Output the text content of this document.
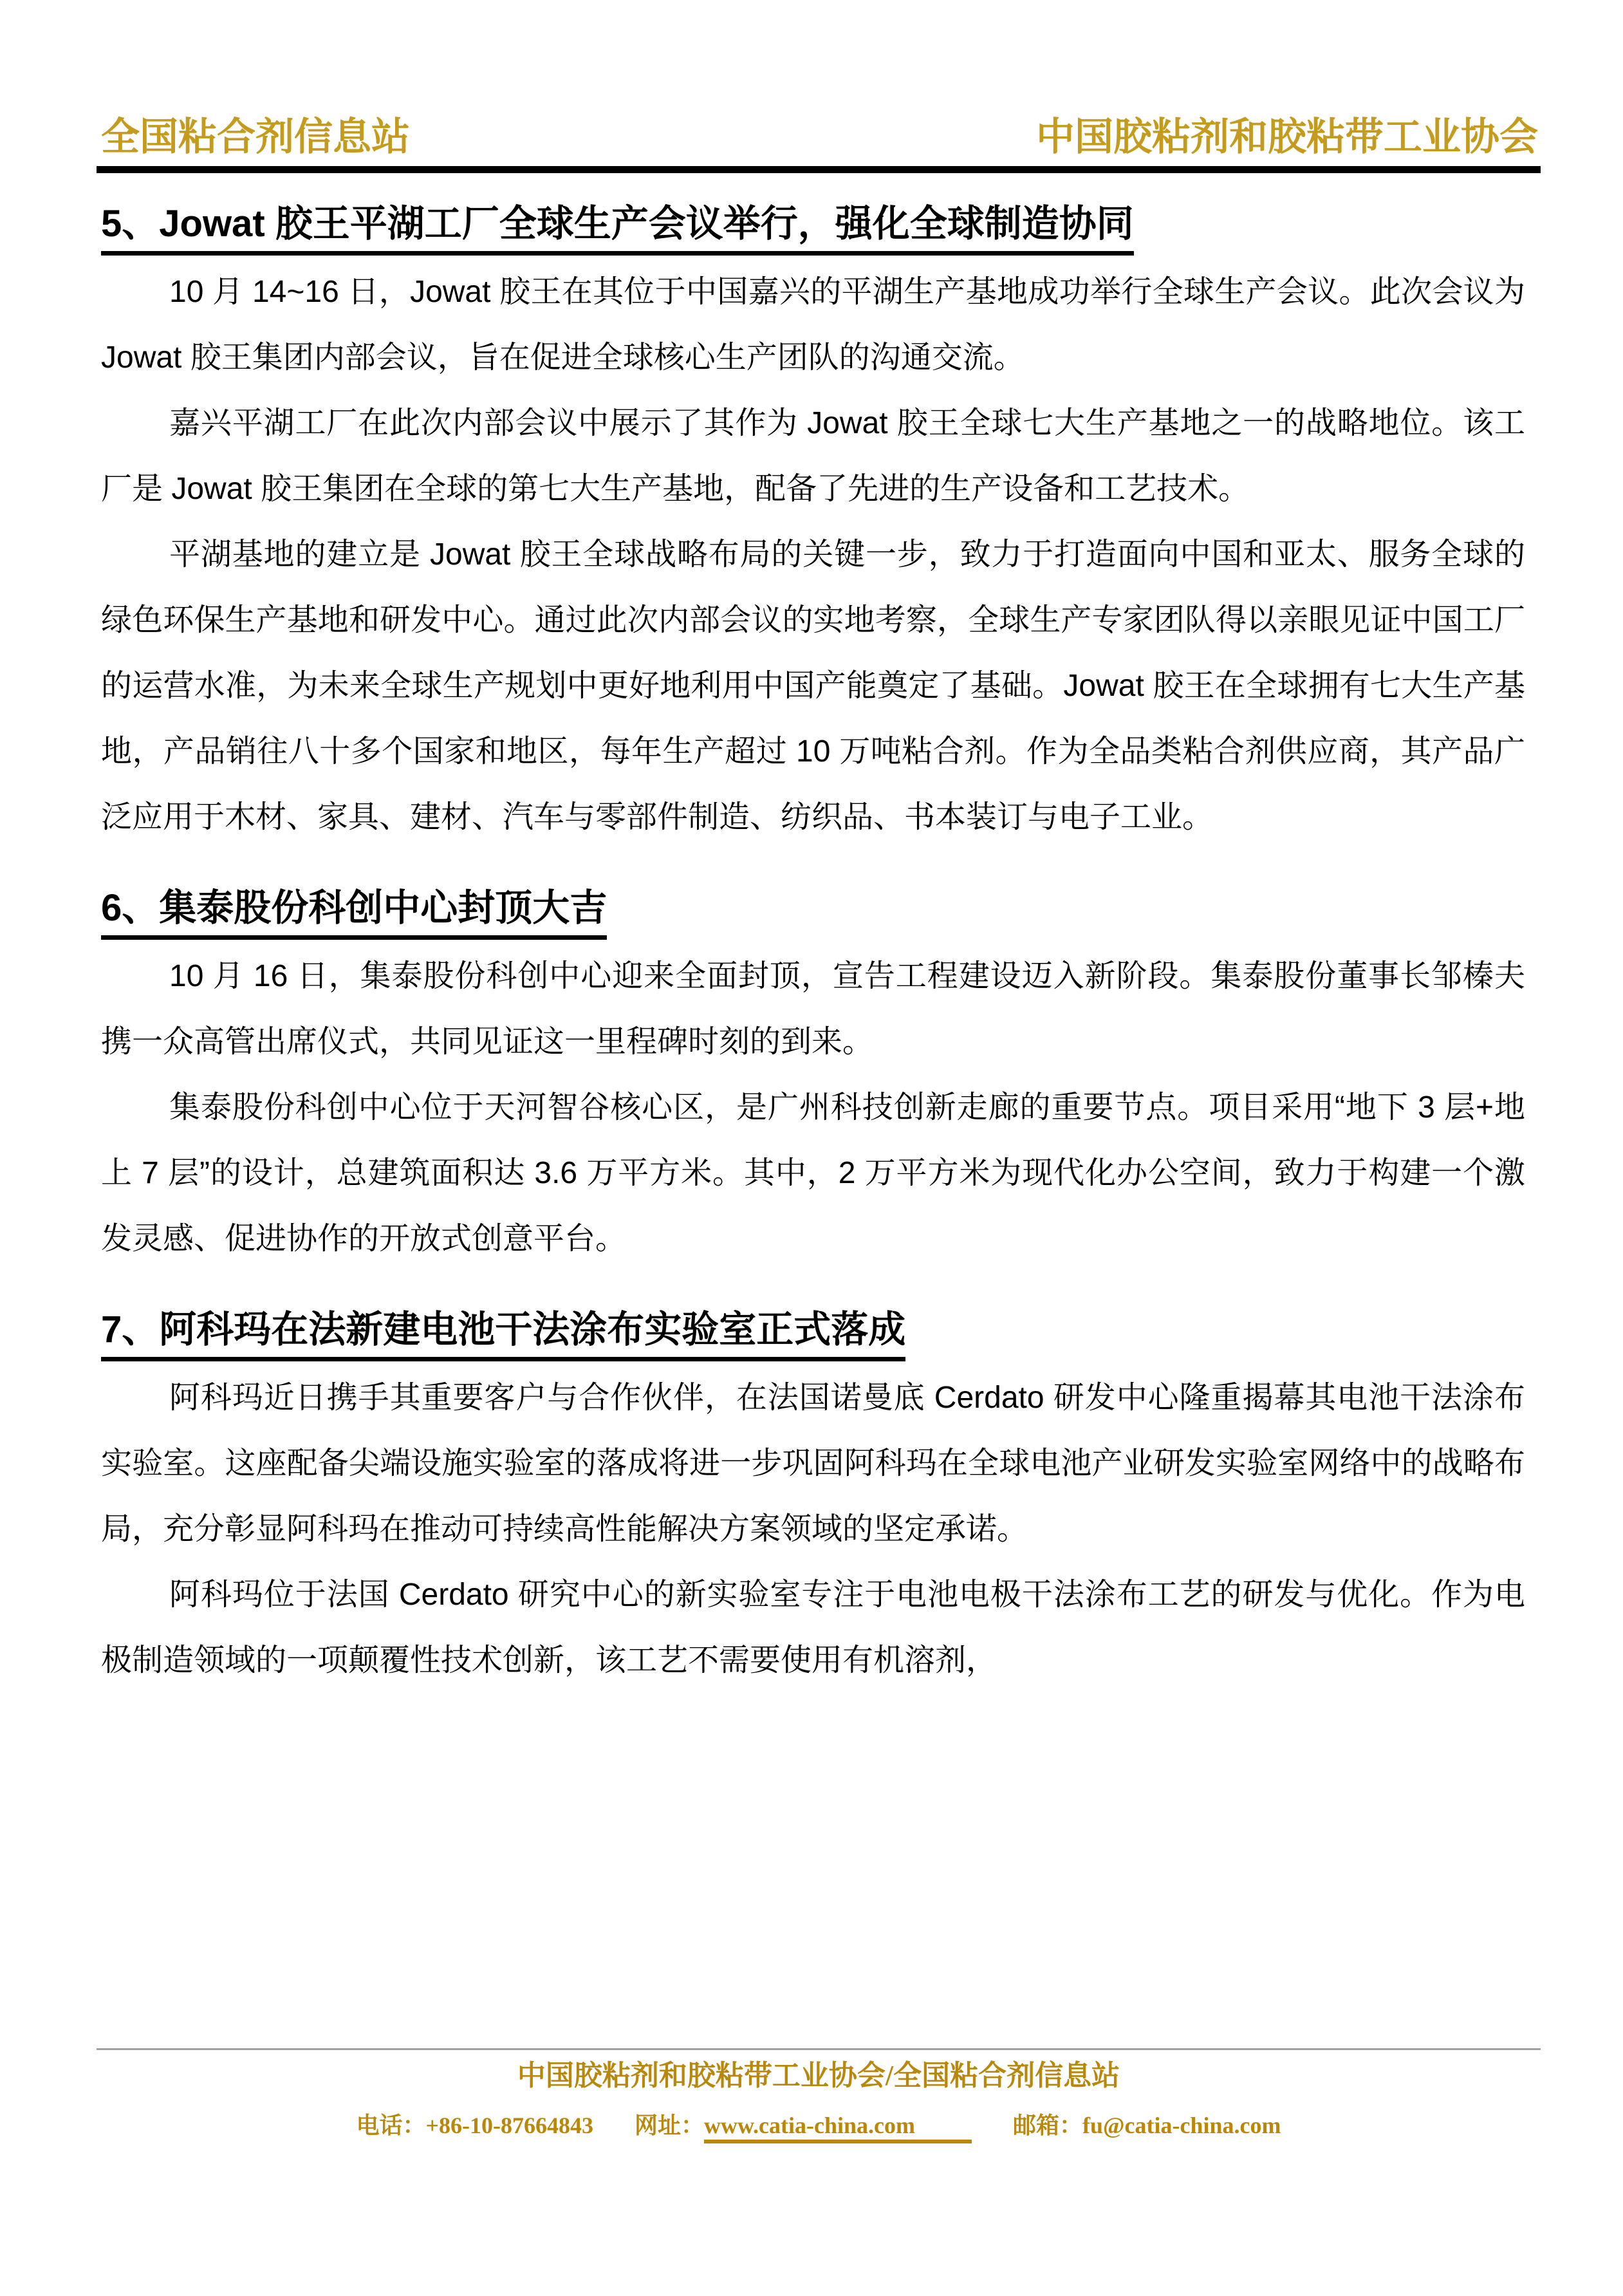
全国粘合剂信息站	中国胶粘剂和胶粘带工业协会
5、Jowat 胶王平湖工厂全球生产会议举行，强化全球制造协同

10 月 14~16 日，Jowat 胶王在其位于中国嘉兴的平湖生产基地成功举行全球生产会议。此次会议为 Jowat 胶王集团内部会议，旨在促进全球核心生产团队的沟通交流。

嘉兴平湖工厂在此次内部会议中展示了其作为 Jowat 胶王全球七大生产基地之一的战略地位。该工厂是 Jowat 胶王集团在全球的第七大生产基地，配备了先进的生产设备和工艺技术。

平湖基地的建立是 Jowat 胶王全球战略布局的关键一步，致力于打造面向中国和亚太、服务全球的绿色环保生产基地和研发中心。通过此次内部会议的实地考察，全球生产专家团队得以亲眼见证中国工厂的运营水准，为未来全球生产规划中更好地利用中国产能奠定了基础。Jowat 胶王在全球拥有七大生产基地，产品销往八十多个国家和地区，每年生产超过 10 万吨粘合剂。作为全品类粘合剂供应商，其产品广泛应用于木材、家具、建材、汽车与零部件制造、纺织品、书本装订与电子工业。

6、集泰股份科创中心封顶大吉

10 月 16 日，集泰股份科创中心迎来全面封顶，宣告工程建设迈入新阶段。集泰股份董事长邹榛夫携一众高管出席仪式，共同见证这一里程碑时刻的到来。

集泰股份科创中心位于天河智谷核心区，是广州科技创新走廊的重要节点。项目采用“地下 3 层+地上 7 层”的设计，总建筑面积达 3.6 万平方米。其中，2 万平方米为现代化办公空间，致力于构建一个激发灵感、促进协作的开放式创意平台。

7、阿科玛在法新建电池干法涂布实验室正式落成

阿科玛近日携手其重要客户与合作伙伴，在法国诺曼底 Cerdato 研发中心隆重揭幕其电池干法涂布实验室。这座配备尖端设施实验室的落成将进一步巩固阿科玛在全球电池产业研发实验室网络中的战略布局，充分彰显阿科玛在推动可持续高性能解决方案领域的坚定承诺。

阿科玛位于法国 Cerdato 研究中心的新实验室专注于电池电极干法涂布工艺的研发与优化。作为电极制造领域的一项颠覆性技术创新，该工艺不需要使用有机溶剂，

中国胶粘剂和胶粘带工业协会/全国粘合剂信息站
电话：+86-10-87664843 网址：www.catia-china.com	邮箱：fu@catia-china.com
